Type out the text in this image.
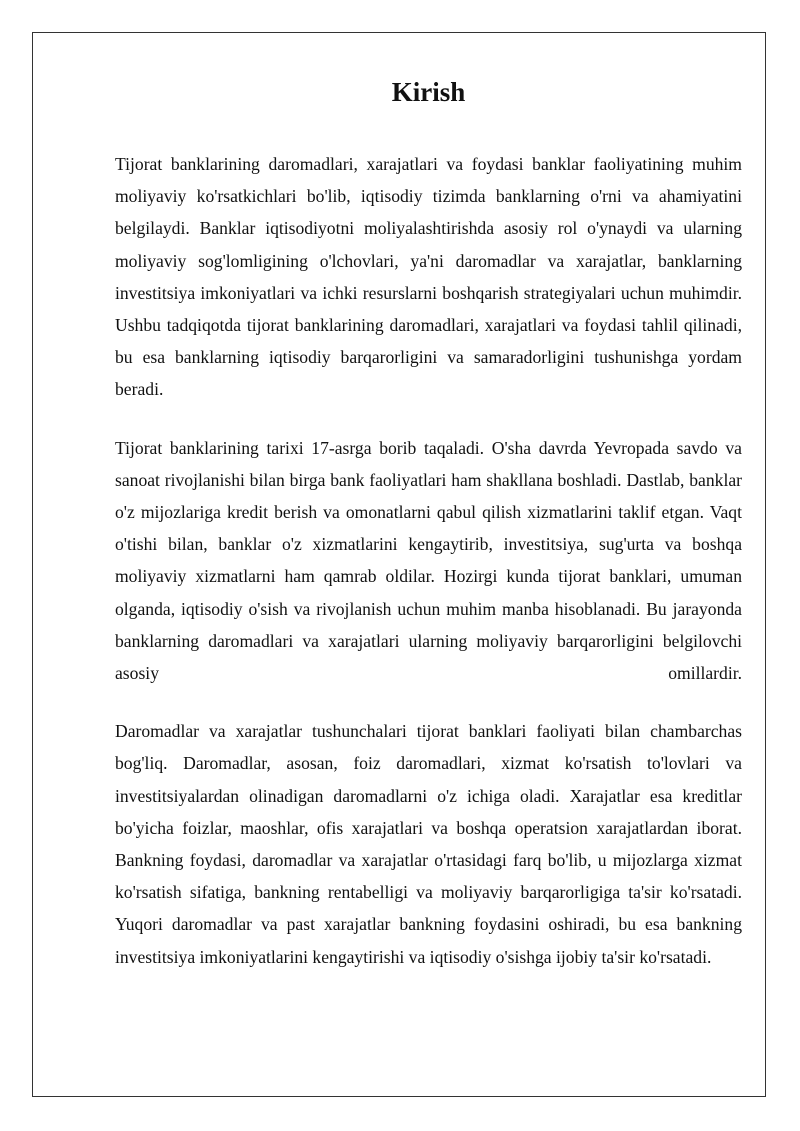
Kirish

Tijorat banklarining daromadlari, xarajatlari va foydasi banklar faoliyatining muhim moliyaviy ko'rsatkichlari bo'lib, iqtisodiy tizimda banklarning o'rni va ahamiyatini belgilaydi. Banklar iqtisodiyotni moliyalashtirishda asosiy rol o'ynaydi va ularning moliyaviy sog'lomligining o'lchovlari, ya'ni daromadlar va xarajatlar, banklarning investitsiya imkoniyatlari va ichki resurslarni boshqarish strategiyalari uchun muhimdir. Ushbu tadqiqotda tijorat banklarining daromadlari, xarajatlari va foydasi tahlil qilinadi, bu esa banklarning iqtisodiy barqarorligini va samaradorligini tushunishga yordam beradi.

Tijorat banklarining tarixi 17-asrga borib taqaladi. O'sha davrda Yevropada savdo va sanoat rivojlanishi bilan birga bank faoliyatlari ham shakllana boshladi. Dastlab, banklar o'z mijozlariga kredit berish va omonatlarni qabul qilish xizmatlarini taklif etgan. Vaqt o'tishi bilan, banklar o'z xizmatlarini kengaytirib, investitsiya, sug'urta va boshqa moliyaviy xizmatlarni ham qamrab oldilar. Hozirgi kunda tijorat banklari, umuman olganda, iqtisodiy o'sish va rivojlanish uchun muhim manba hisoblanadi. Bu jarayonda banklarning daromadlari va xarajatlari ularning moliyaviy barqarorligini belgilovchi asosiy omillardir.

Daromadlar va xarajatlar tushunchalari tijorat banklari faoliyati bilan chambarchas bog'liq. Daromadlar, asosan, foiz daromadlari, xizmat ko'rsatish to'lovlari va investitsiyalardan olinadigan daromadlarni o'z ichiga oladi. Xarajatlar esa kreditlar bo'yicha foizlar, maoshlar, ofis xarajatlari va boshqa operatsion xarajatlardan iborat. Bankning foydasi, daromadlar va xarajatlar o'rtasidagi farq bo'lib, u mijozlarga xizmat ko'rsatish sifatiga, bankning rentabelligi va moliyaviy barqarorligiga ta'sir ko'rsatadi. Yuqori daromadlar va past xarajatlar bankning foydasini oshiradi, bu esa bankning investitsiya imkoniyatlarini kengaytirishi va iqtisodiy o'sishga ijobiy ta'sir ko'rsatadi.
